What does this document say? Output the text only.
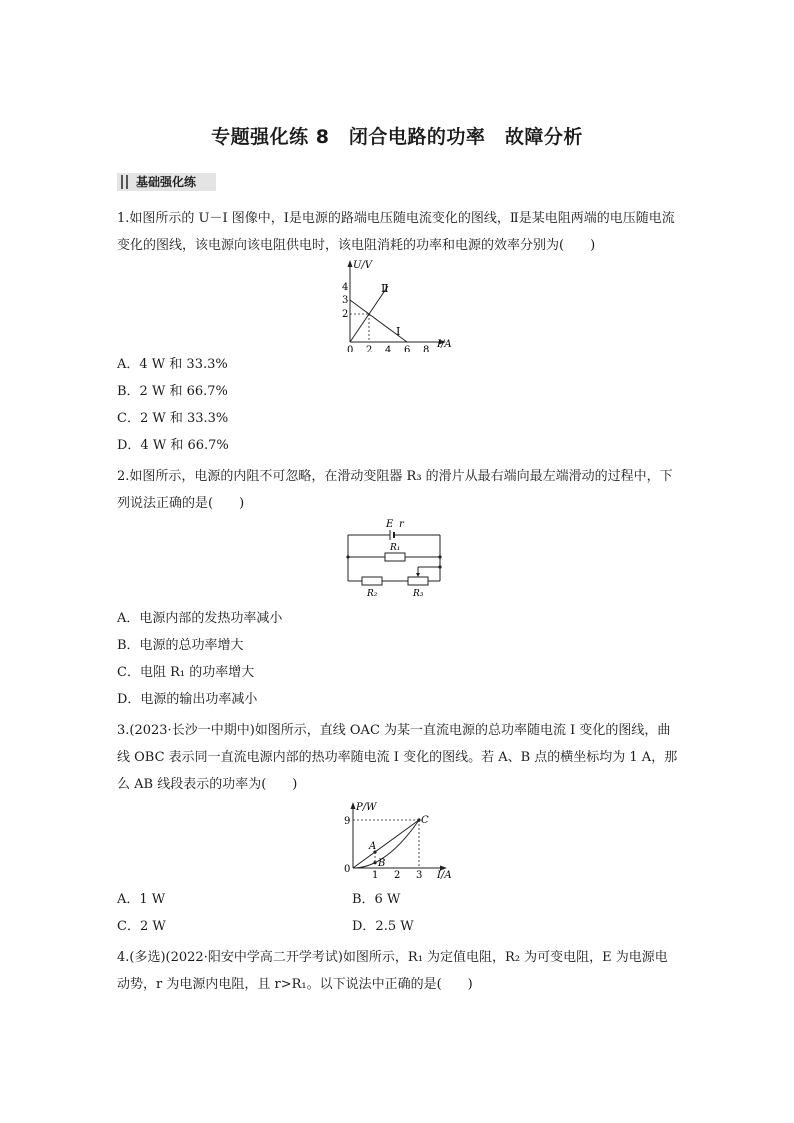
专题强化练 8　闭合电路的功率　故障分析
基础强化练
1.如图所示的 U－I 图像中，Ⅰ是电源的路端电压随电流变化的图线，Ⅱ是某电阻两端的电压随电流变化的图线，该电源向该电阻供电时，该电阻消耗的功率和电源的效率分别为(　　)
U/V
I/A
4
3
2
0 2 4 6 8
Ⅰ
Ⅱ
A．4 W 和 33.3%
B．2 W 和 66.7%
C．2 W 和 33.3%
D．4 W 和 66.7%
2.如图所示，电源的内阻不可忽略，在滑动变阻器 R₃ 的滑片从最右端向最左端滑动的过程中，下列说法正确的是(　　)
E r
R₁
R₂	R₃
A．电源内部的发热功率减小
B．电源的总功率增大
C．电阻 R₁ 的功率增大
D．电源的输出功率减小
3.(2023·长沙一中期中)如图所示，直线 OAC 为某一直流电源的总功率随电流 I 变化的图线，曲线 OBC 表示同一直流电源内部的热功率随电流 I 变化的图线。若 A、B 点的横坐标均为 1 A，那么 AB 线段表示的功率为(　　)
P/W
I/A
9
0
1 2 3
A
B
C
A．1 W	B．6 W
C．2 W	D．2.5 W
4.(多选)(2022·阳安中学高二开学考试)如图所示，R₁ 为定值电阻，R₂ 为可变电阻，E 为电源电动势，r 为电源内电阻，且 r>R₁。以下说法中正确的是(　　)
